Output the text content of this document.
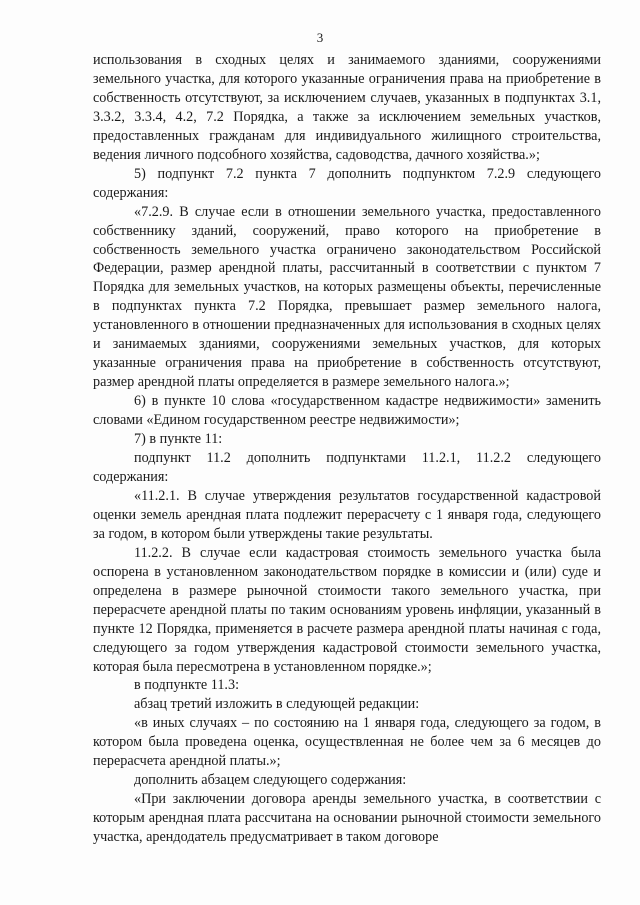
3

использования в сходных целях и занимаемого зданиями, сооружениями земельного участка, для которого указанные ограничения права на приобретение в собственность отсутствуют, за исключением случаев, указанных в подпунктах 3.1, 3.3.2, 3.3.4, 4.2, 7.2 Порядка, а также за исключением земельных участков, предоставленных гражданам для индивидуального жилищного строительства, ведения личного подсобного хозяйства, садоводства, дачного хозяйства.»;

5) подпункт 7.2 пункта 7 дополнить подпунктом 7.2.9 следующего содержания:

«7.2.9. В случае если в отношении земельного участка, предоставленного собственнику зданий, сооружений, право которого на приобретение в собственность земельного участка ограничено законодательством Российской Федерации, размер арендной платы, рассчитанный в соответствии с пунктом 7 Порядка для земельных участков, на которых размещены объекты, перечисленные в подпунктах пункта 7.2 Порядка, превышает размер земельного налога, установленного в отношении предназначенных для использования в сходных целях и занимаемых зданиями, сооружениями земельных участков, для которых указанные ограничения права на приобретение в собственность отсутствуют, размер арендной платы определяется в размере земельного налога.»;

6) в пункте 10 слова «государственном кадастре недвижимости» заменить словами «Едином государственном реестре недвижимости»;

7) в пункте 11:

подпункт 11.2 дополнить подпунктами 11.2.1, 11.2.2 следующего содержания:

«11.2.1. В случае утверждения результатов государственной кадастровой оценки земель арендная плата подлежит перерасчету с 1 января года, следующего за годом, в котором были утверждены такие результаты.

11.2.2. В случае если кадастровая стоимость земельного участка была оспорена в установленном законодательством порядке в комиссии и (или) суде и определена в размере рыночной стоимости такого земельного участка, при перерасчете арендной платы по таким основаниям уровень инфляции, указанный в пункте 12 Порядка, применяется в расчете размера арендной платы начиная с года, следующего за годом утверждения кадастровой стоимости земельного участка, которая была пересмотрена в установленном порядке.»;

в подпункте 11.3:

абзац третий изложить в следующей редакции:

«в иных случаях – по состоянию на 1 января года, следующего за годом, в котором была проведена оценка, осуществленная не более чем за 6 месяцев до перерасчета арендной платы.»;

дополнить абзацем следующего содержания:

«При заключении договора аренды земельного участка, в соответствии с которым арендная плата рассчитана на основании рыночной стоимости земельного участка, арендодатель предусматривает в таком договоре
